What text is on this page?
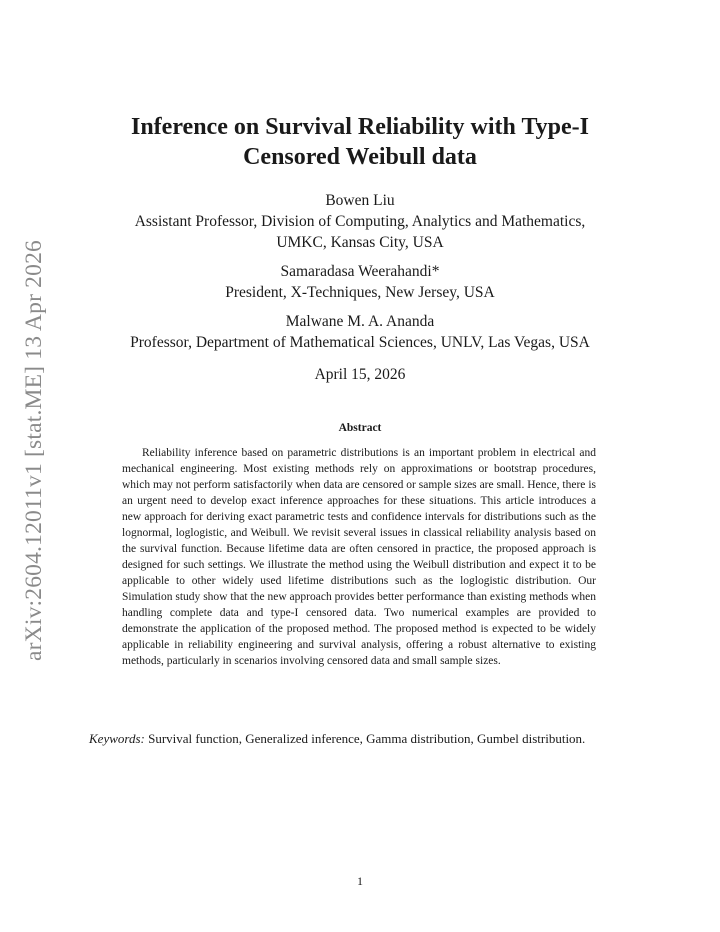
arXiv:2604.12011v1 [stat.ME] 13 Apr 2026
Inference on Survival Reliability with Type-I
Censored Weibull data
Bowen Liu
Assistant Professor, Division of Computing, Analytics and Mathematics,
UMKC, Kansas City, USA
Samaradasa Weerahandi*
President, X-Techniques, New Jersey, USA
Malwane M. A. Ananda
Professor, Department of Mathematical Sciences, UNLV, Las Vegas, USA

April 15, 2026

Abstract

Reliability inference based on parametric distributions is an important problem in electrical and mechanical engineering. Most existing methods rely on approximations or bootstrap procedures, which may not perform satisfactorily when data are censored or sample sizes are small. Hence, there is an urgent need to develop exact inference approaches for these situations. This article introduces a new approach for deriving exact parametric tests and confidence intervals for distributions such as the lognormal, loglogistic, and Weibull. We revisit several issues in classical reliability analysis based on the survival function. Because lifetime data are often censored in practice, the proposed approach is designed for such settings. We illustrate the method using the Weibull distribution and expect it to be applicable to other widely used lifetime distributions such as the loglogistic distribution. Our Simulation study show that the new approach provides better performance than existing methods when handling complete data and type-I censored data. Two numerical examples are provided to demonstrate the application of the proposed method. The proposed method is expected to be widely applicable in reliability engineering and survival analysis, offering a robust alternative to existing methods, particularly in scenarios involving censored data and small sample sizes.

Keywords: Survival function, Generalized inference, Gamma distribution, Gumbel distribution.

1
